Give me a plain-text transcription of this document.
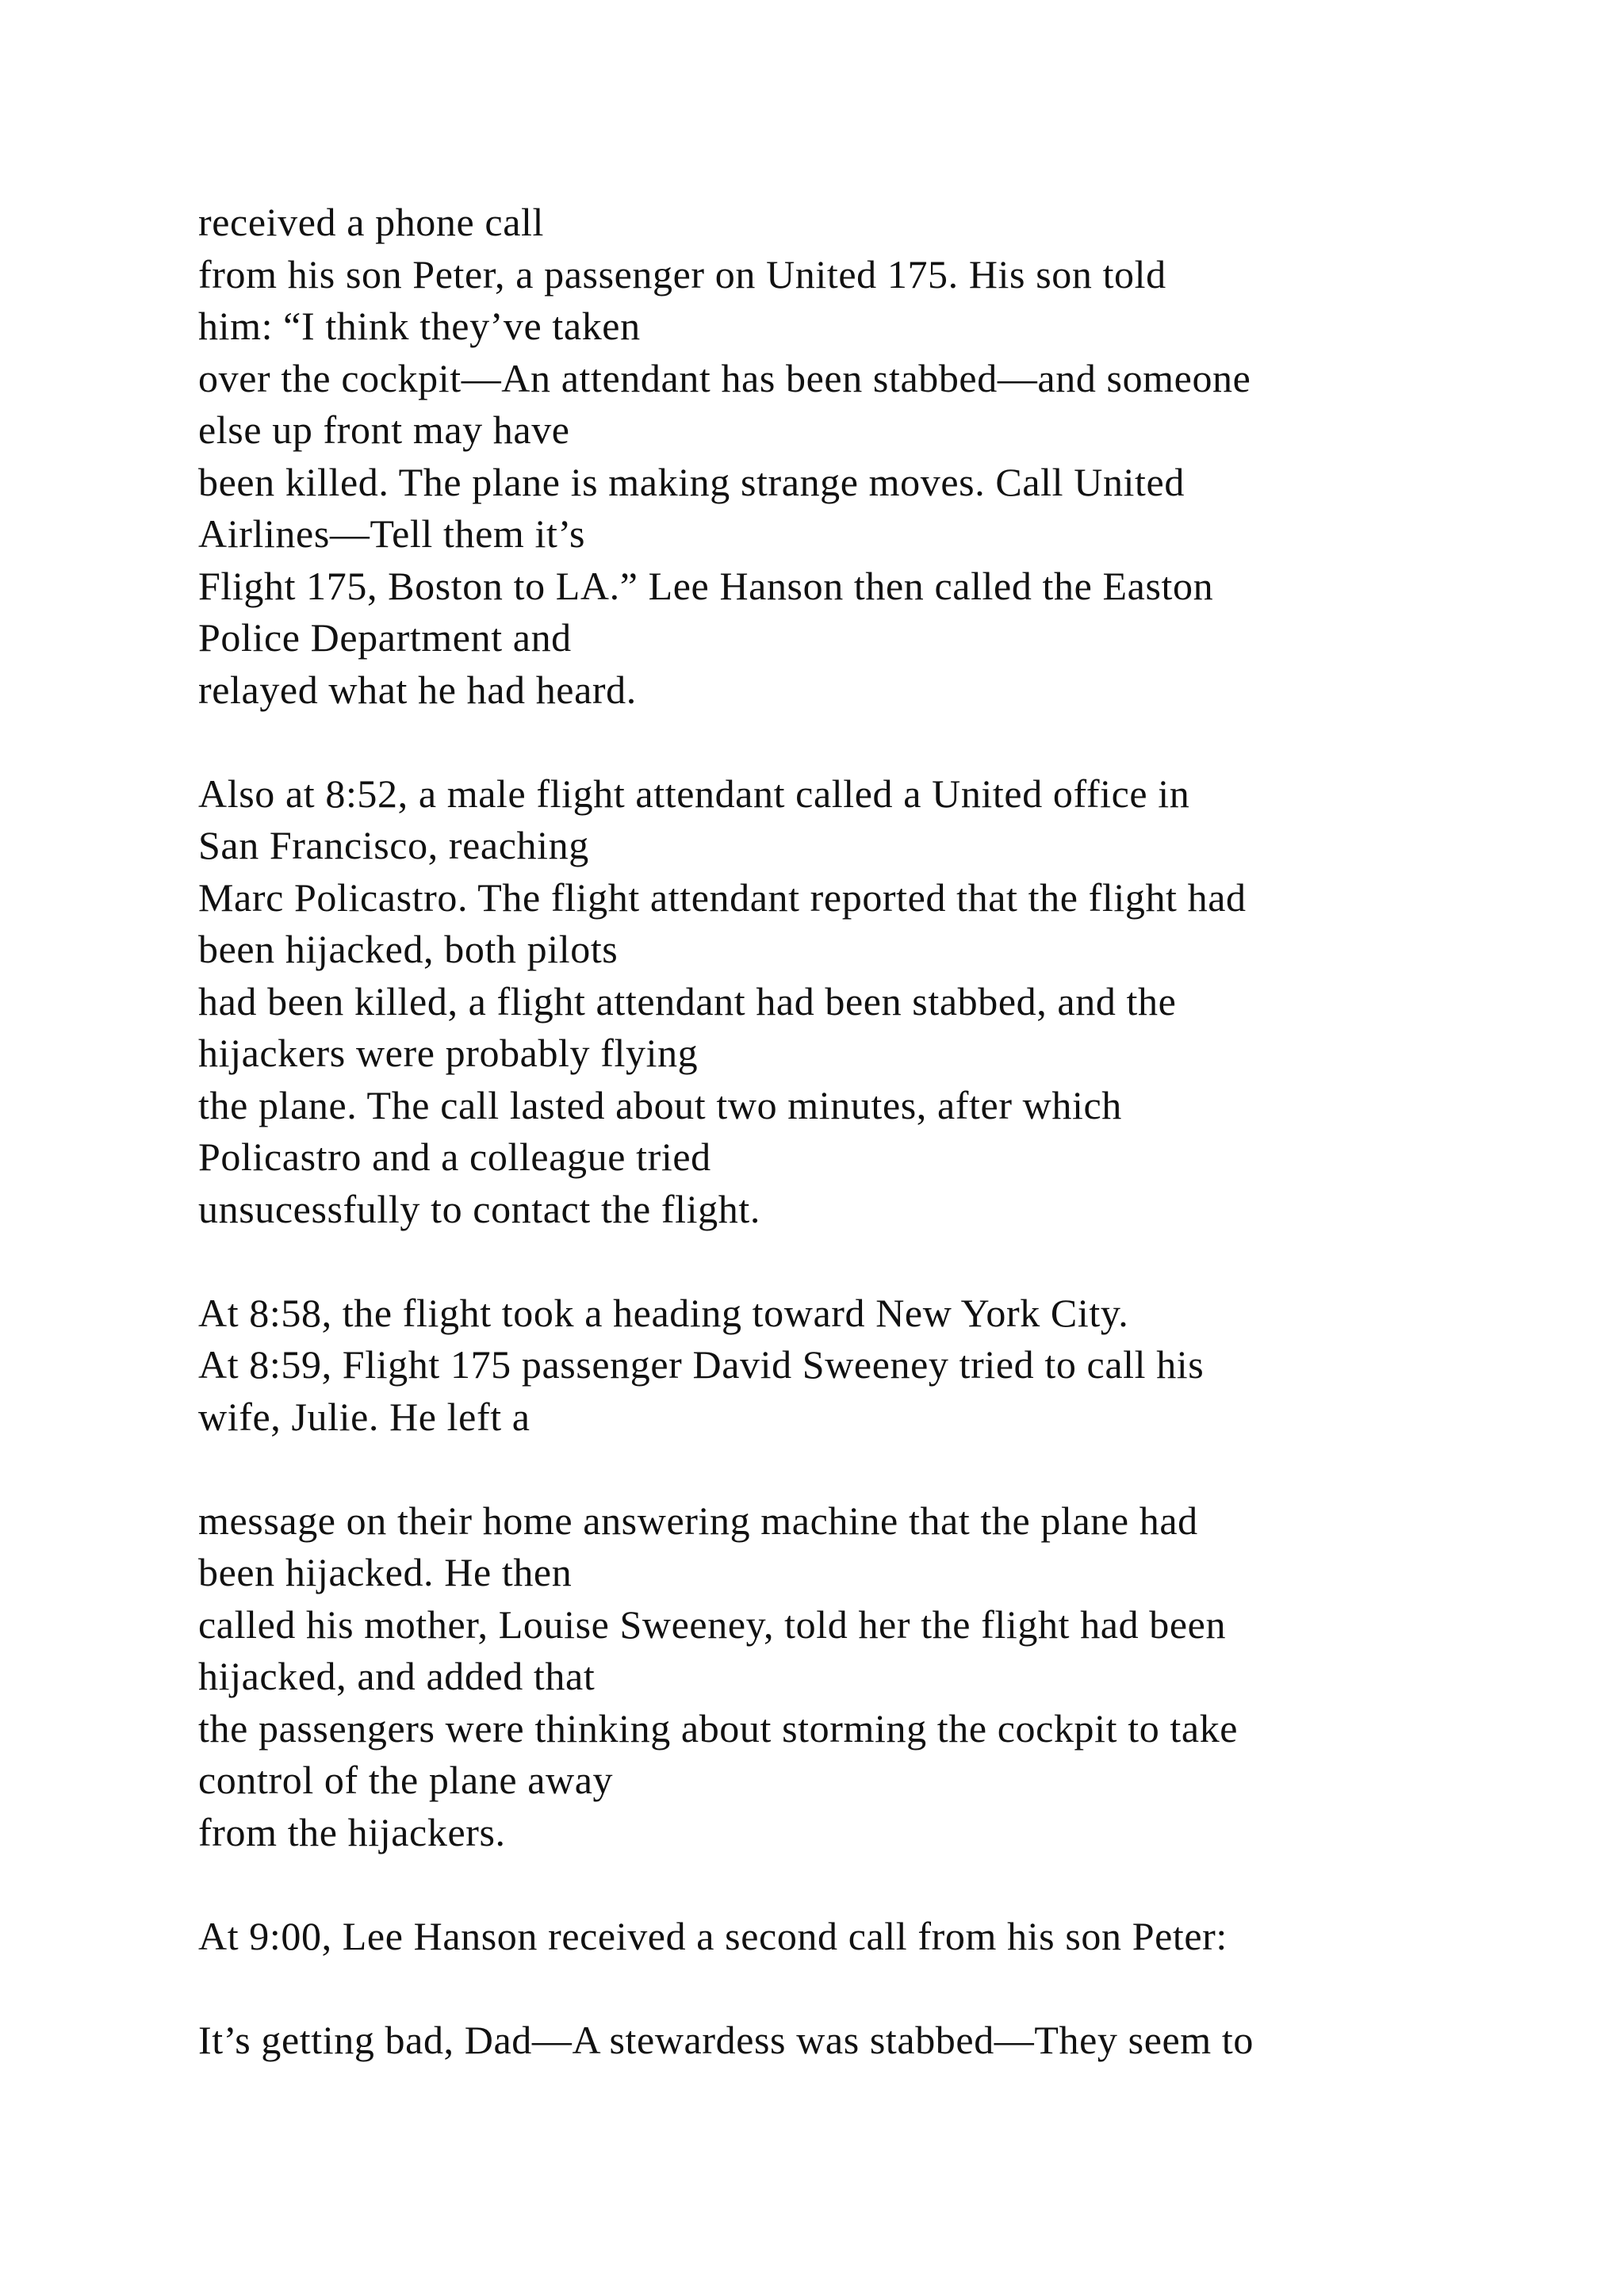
received a phone call
from his son Peter, a passenger on United 175. His son told
him: “I think they’ve taken
over the cockpit—An attendant has been stabbed—and someone
else up front may have
been killed. The plane is making strange moves. Call United
Airlines—Tell them it’s
Flight 175, Boston to LA.” Lee Hanson then called the Easton
Police Department and
relayed what he had heard.
Also at 8:52, a male flight attendant called a United office in
San Francisco, reaching
Marc Policastro. The flight attendant reported that the flight had
been hijacked, both pilots
had been killed, a flight attendant had been stabbed, and the
hijackers were probably flying
the plane. The call lasted about two minutes, after which
Policastro and a colleague tried
unsucessfully to contact the flight.
At 8:58, the flight took a heading toward New York City.
At 8:59, Flight 175 passenger David Sweeney tried to call his
wife, Julie. He left a
message on their home answering machine that the plane had
been hijacked. He then
called his mother, Louise Sweeney, told her the flight had been
hijacked, and added that
the passengers were thinking about storming the cockpit to take
control of the plane away
from the hijackers.
At 9:00, Lee Hanson received a second call from his son Peter:
It’s getting bad, Dad—A stewardess was stabbed—They seem to
